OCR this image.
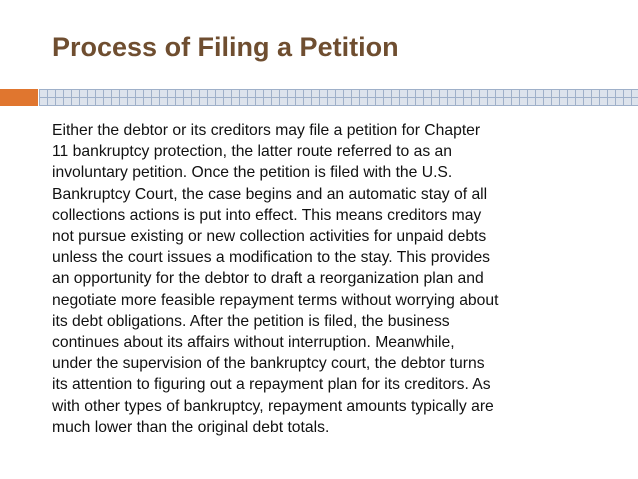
Process of Filing a Petition

Either the debtor or its creditors may file a petition for Chapter
11 bankruptcy protection, the latter route referred to as an
involuntary petition. Once the petition is filed with the U.S.
Bankruptcy Court, the case begins and an automatic stay of all
collections actions is put into effect. This means creditors may
not pursue existing or new collection activities for unpaid debts
unless the court issues a modification to the stay. This provides
an opportunity for the debtor to draft a reorganization plan and
negotiate more feasible repayment terms without worrying about
its debt obligations. After the petition is filed, the business
continues about its affairs without interruption. Meanwhile,
under the supervision of the bankruptcy court, the debtor turns
its attention to figuring out a repayment plan for its creditors. As
with other types of bankruptcy, repayment amounts typically are
much lower than the original debt totals.
